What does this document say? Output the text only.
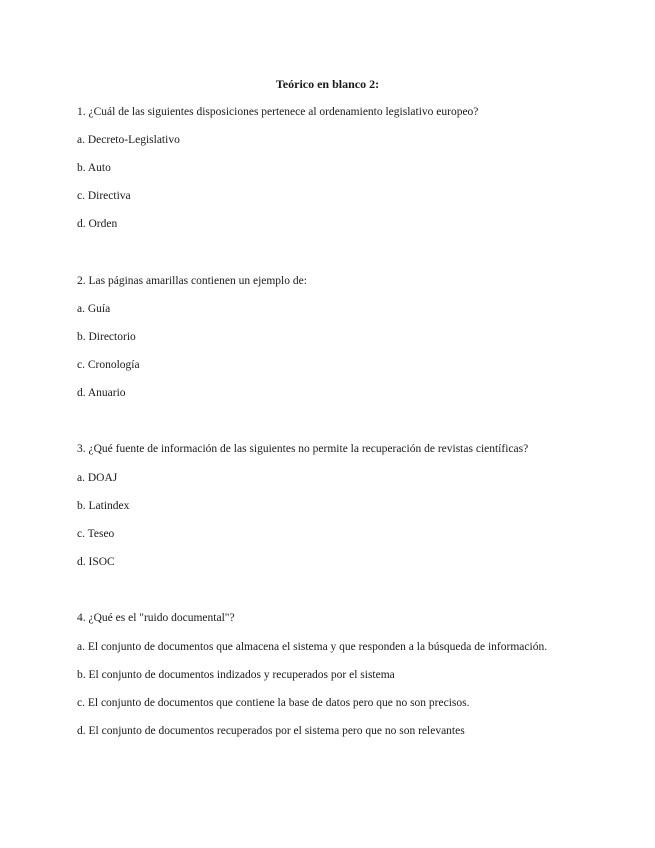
Teórico en blanco 2:
1. ¿Cuál de las siguientes disposiciones pertenece al ordenamiento legislativo europeo?
a. Decreto-Legislativo
b. Auto
c. Directiva
d. Orden
2. Las páginas amarillas contienen un ejemplo de:
a. Guía
b. Directorio
c. Cronología
d. Anuario
3. ¿Qué fuente de información de las siguientes no permite la recuperación de revistas científicas?
a. DOAJ
b. Latindex
c. Teseo
d. ISOC
4. ¿Qué es el "ruido documental"?
a. El conjunto de documentos que almacena el sistema y que responden a la búsqueda de información.
b. El conjunto de documentos indizados y recuperados por el sistema
c. El conjunto de documentos que contiene la base de datos pero que no son precisos.
d. El conjunto de documentos recuperados por el sistema pero que no son relevantes
